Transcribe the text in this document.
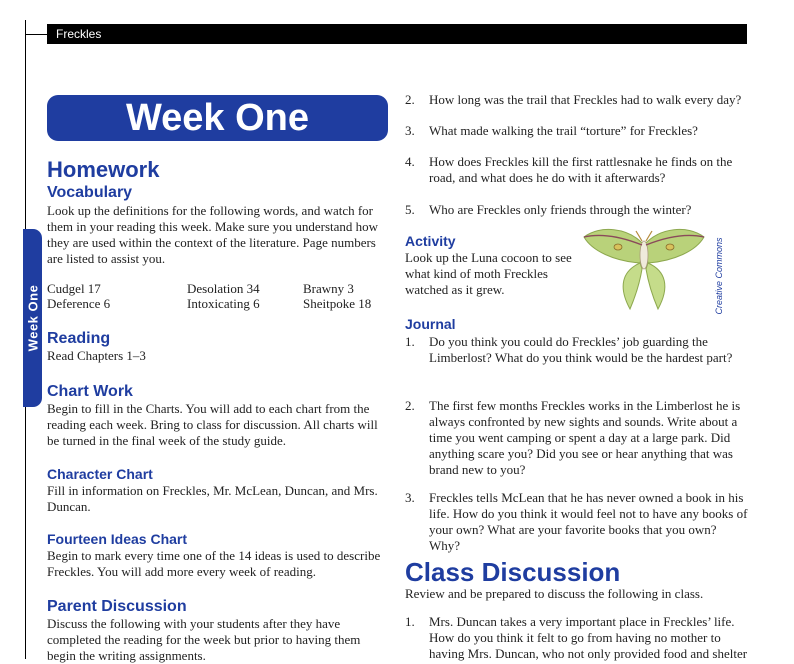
Freckles
Week One
Week One
Homework
Vocabulary

Look up the definitions for the following words, and watch for them in your reading this week. Make sure you understand how they are used within the context of the literature. Page numbers are listed to assist you.

Cudgel 17
Deference 6
Desolation 34
Intoxicating 6
Brawny 3
Sheitpoke 18
Reading

Read Chapters 1–3

Chart Work

Begin to fill in the Charts. You will add to each chart from the reading each week. Bring to class for discussion. All charts will be turned in the final week of the study guide.

Character Chart

Fill in information on Freckles, Mr. McLean, Duncan, and Mrs. Duncan.

Fourteen Ideas Chart

Begin to mark every time one of the 14 ideas is used to describe Freckles. You will add more every week of reading.

Parent Discussion

Discuss the following with your students after they have completed the reading for the week but prior to having them begin the writing assignments.

2. How long was the trail that Freckles had to walk every day?
3. What made walking the trail “torture” for Freckles?
4. How does Freckles kill the first rattlesnake he finds on the road, and what does he do with it afterwards?
5. Who are Freckles only friends through the winter?
Activity

Look up the Luna cocoon to see what kind of moth Freckles watched as it grew.	Creative Commons
Journal
1. Do you think you could do Freckles’ job guarding the Limberlost? What do you think would be the hardest part?
2. The first few months Freckles works in the Limberlost he is always confronted by new sights and sounds. Write about a time you went camping or spent a day at a large park. Did anything scare you? Did you see or hear anything that was brand new to you?
3. Freckles tells McLean that he has never owned a book in his life. How do you think it would feel not to have any books of your own? What are your favorite books that you own? Why?
Class Discussion

Review and be prepared to discuss the following in class.

1. Mrs. Duncan takes a very important place in Freckles’ life. How do you think it felt to go from having no mother to having Mrs. Duncan, who not only provided food and shelter
